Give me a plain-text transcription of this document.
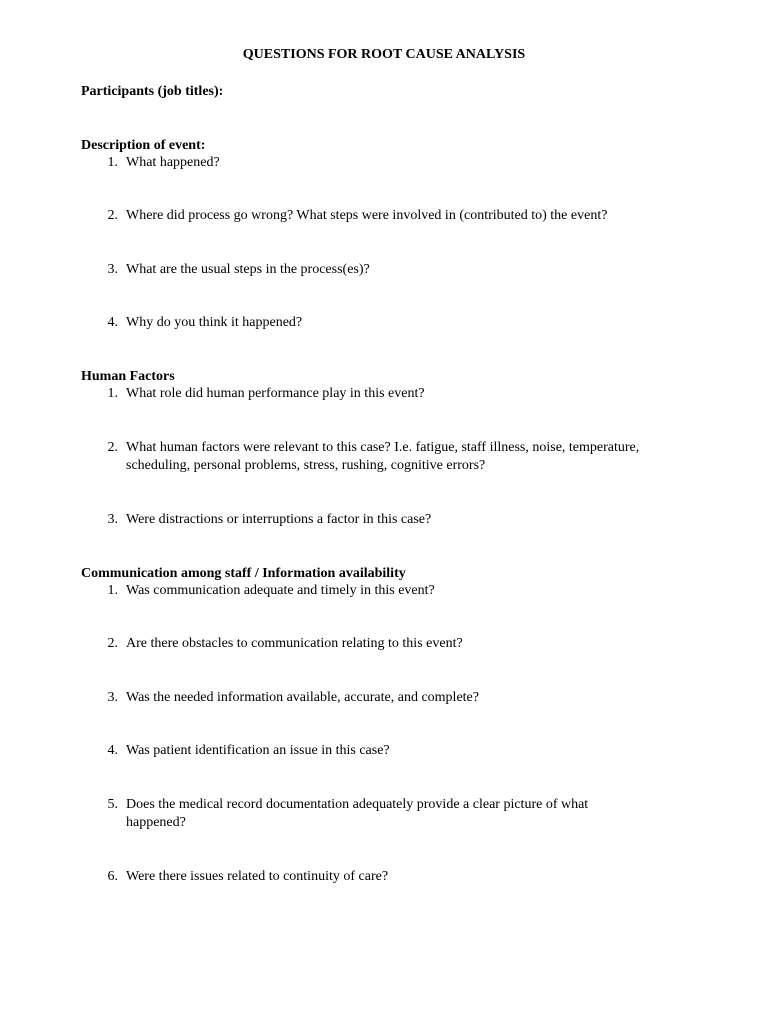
QUESTIONS FOR ROOT CAUSE ANALYSIS
Participants (job titles):
Description of event:
1. What happened?
2. Where did process go wrong? What steps were involved in (contributed to) the event?
3. What are the usual steps in the process(es)?
4. Why do you think it happened?
Human Factors
1. What role did human performance play in this event?
2. What human factors were relevant to this case? I.e. fatigue, staff illness, noise, temperature, scheduling, personal problems, stress, rushing, cognitive errors?
3. Were distractions or interruptions a factor in this case?
Communication among staff / Information availability
1. Was communication adequate and timely in this event?
2. Are there obstacles to communication relating to this event?
3. Was the needed information available, accurate, and complete?
4. Was patient identification an issue in this case?
5. Does the medical record documentation adequately provide a clear picture of what happened?
6. Were there issues related to continuity of care?
